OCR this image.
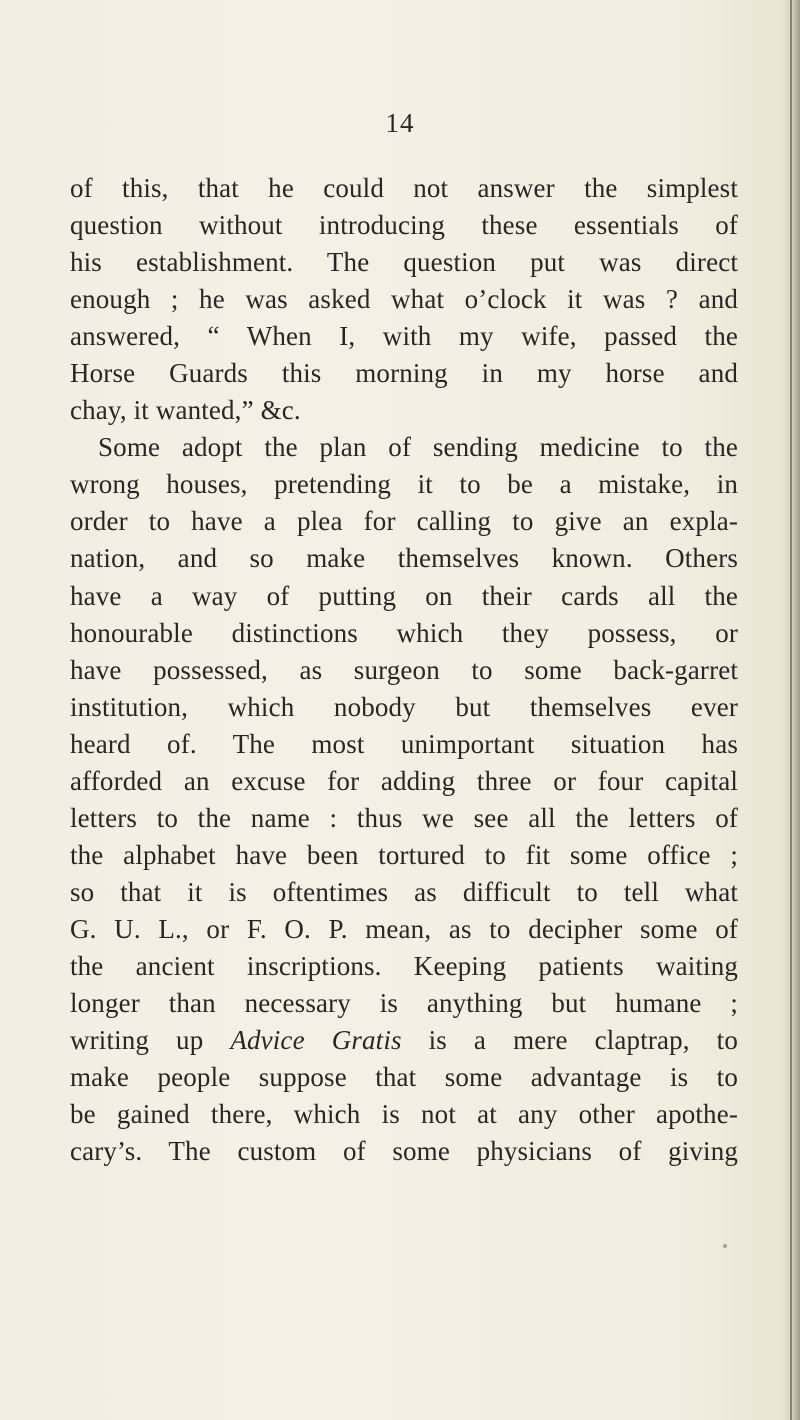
14
of this, that he could not answer the simplest
question without introducing these essentials of
his establishment. The question put was direct
enough ; he was asked what o’clock it was ? and
answered, “ When I, with my wife, passed the
Horse Guards this morning in my horse and
chay, it wanted,” &c.
Some adopt the plan of sending medicine to the
wrong houses, pretending it to be a mistake, in
order to have a plea for calling to give an expla-
nation, and so make themselves known. Others
have a way of putting on their cards all the
honourable distinctions which they possess, or
have possessed, as surgeon to some back-garret
institution, which nobody but themselves ever
heard of. The most unimportant situation has
afforded an excuse for adding three or four capital
letters to the name : thus we see all the letters of
the alphabet have been tortured to fit some office ;
so that it is oftentimes as difficult to tell what
G. U. L., or F. O. P. mean, as to decipher some of
the ancient inscriptions. Keeping patients waiting
longer than necessary is anything but humane ;
writing up Advice Gratis is a mere claptrap, to
make people suppose that some advantage is to
be gained there, which is not at any other apothe-
cary’s. The custom of some physicians of giving
